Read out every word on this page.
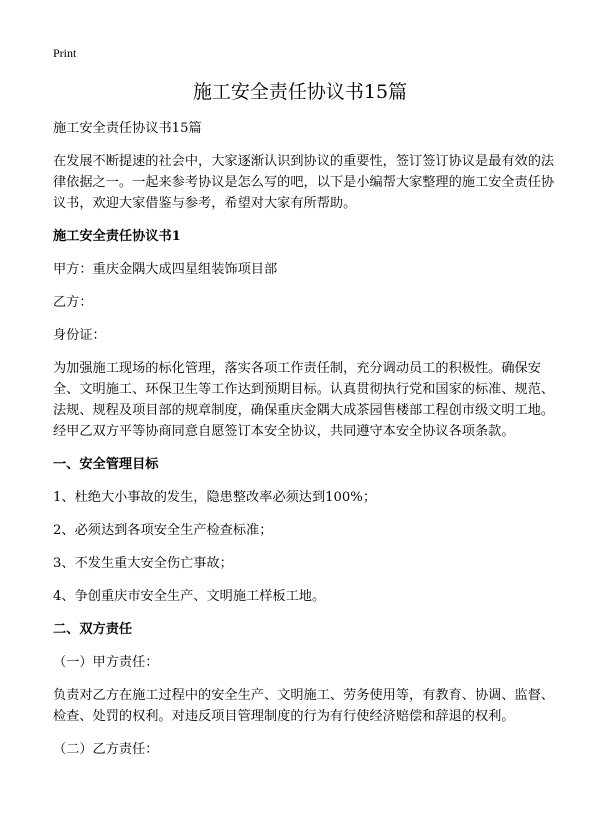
Print
施工安全责任协议书15篇

施工安全责任协议书15篇

在发展不断提速的社会中，大家逐渐认识到协议的重要性，签订签订协议是最有效的法律依据之一。一起来参考协议是怎么写的吧，以下是小编帮大家整理的施工安全责任协议书，欢迎大家借鉴与参考，希望对大家有所帮助。

施工安全责任协议书1

甲方：重庆金隅大成四星组装饰项目部

乙方：

身份证：

为加强施工现场的标化管理，落实各项工作责任制，充分调动员工的积极性。确保安全、文明施工、环保卫生等工作达到预期目标。认真贯彻执行党和国家的标准、规范、法规、规程及项目部的规章制度，确保重庆金隅大成茶园售楼部工程创市级文明工地。经甲乙双方平等协商同意自愿签订本安全协议，共同遵守本安全协议各项条款。

一、安全管理目标

1、杜绝大小事故的发生，隐患整改率必须达到100%；

2、必须达到各项安全生产检查标准；

3、不发生重大安全伤亡事故；

4、争创重庆市安全生产、文明施工样板工地。

二、双方责任

（一）甲方责任：

负责对乙方在施工过程中的安全生产、文明施工、劳务使用等，有教育、协调、监督、检查、处罚的权利。对违反项目管理制度的行为有行使经济赔偿和辞退的权利。

（二）乙方责任：
